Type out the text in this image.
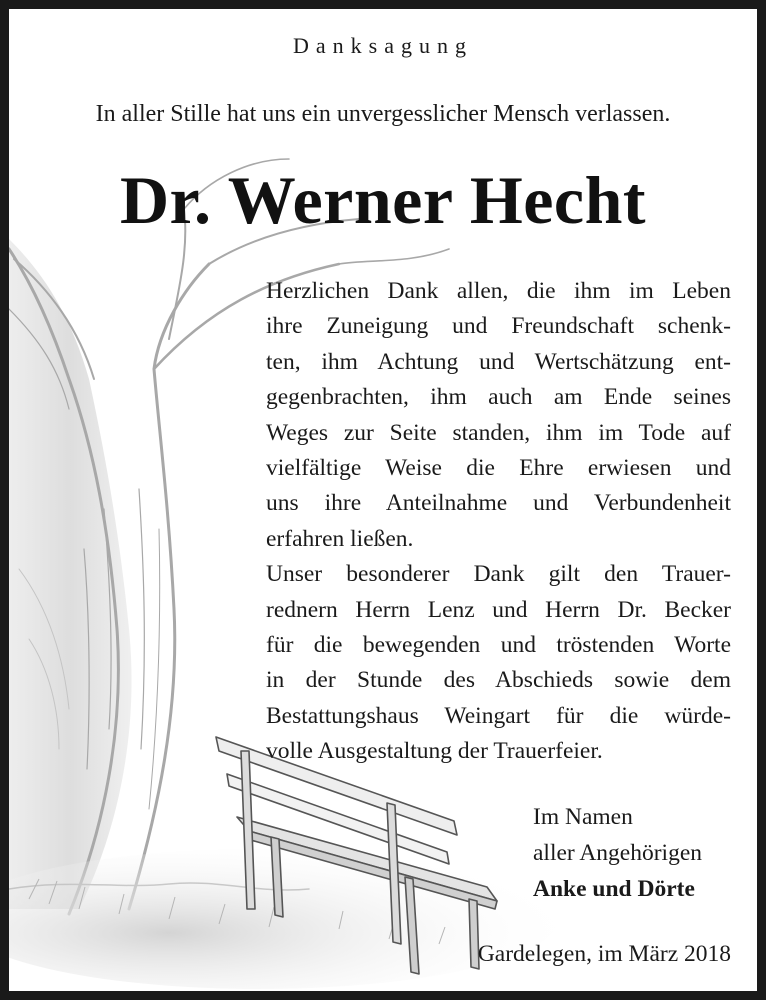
Danksagung
In aller Stille hat uns ein unvergesslicher Mensch verlassen.
Dr. Werner Hecht
Herzlichen Dank allen, die ihm im Leben
ihre Zuneigung und Freundschaft schenk-
ten, ihm Achtung und Wertschätzung ent-
gegenbrachten, ihm auch am Ende seines
Weges zur Seite standen, ihm im Tode auf
vielfältige Weise die Ehre erwiesen und
uns ihre Anteilnahme und Verbundenheit
erfahren ließen.
Unser besonderer Dank gilt den Trauer-
rednern Herrn Lenz und Herrn Dr. Becker
für die bewegenden und tröstenden Worte
in der Stunde des Abschieds sowie dem
Bestattungshaus Weingart für die würde-
volle Ausgestaltung der Trauerfeier.
Im Namen
aller Angehörigen
Anke und Dörte
Gardelegen, im März 2018
